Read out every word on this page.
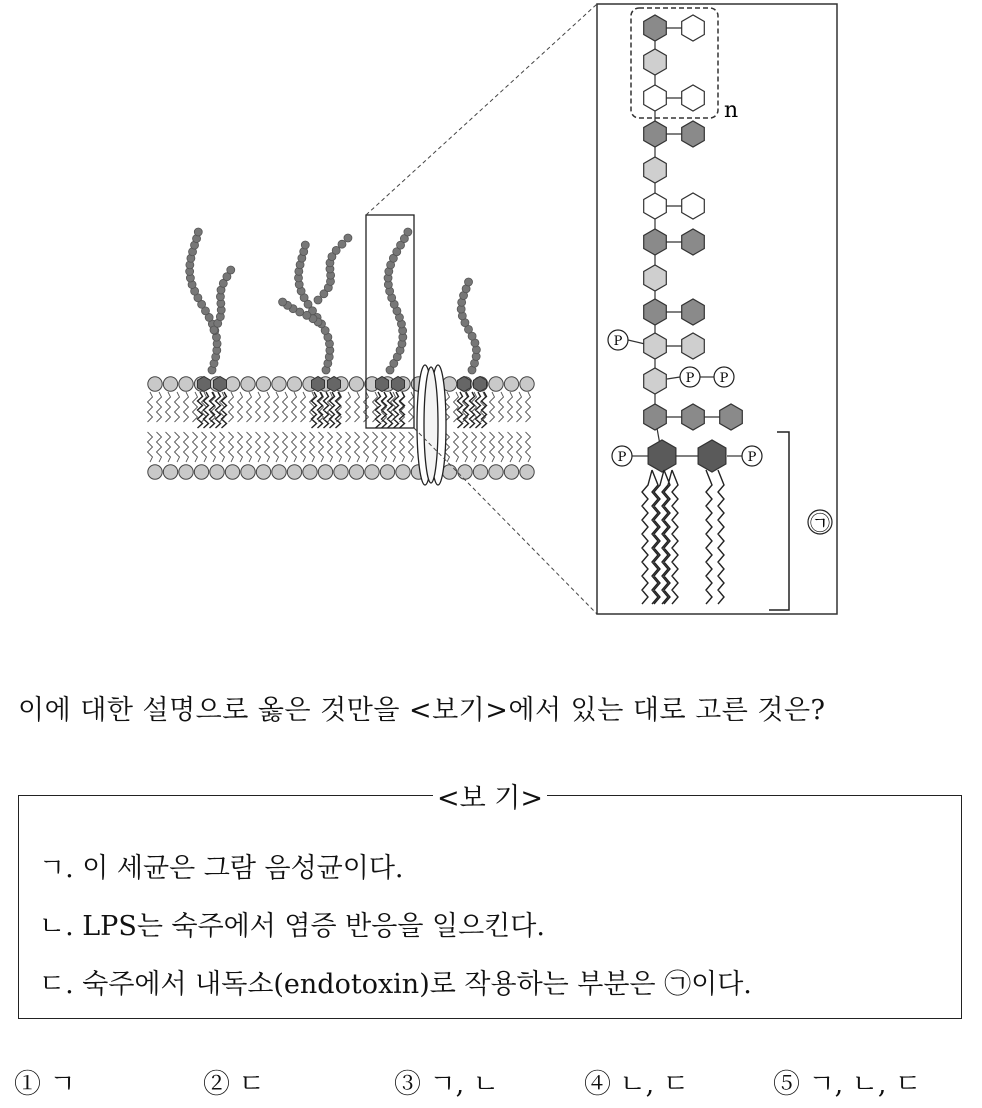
n
P
P P
P	P
㉠
이에 대한 설명으로 옳은 것만을 <보기>에서 있는 대로 고른 것은?
<보 기>
ㄱ. 이 세균은 그람 음성균이다.
ㄴ. LPS는 숙주에서 염증 반응을 일으킨다.
ㄷ. 숙주에서 내독소(endotoxin)로 작용하는 부분은 ㉠이다.
① ㄱ	② ㄷ	③ ㄱ, ㄴ	④ ㄴ, ㄷ	⑤ ㄱ, ㄴ, ㄷ
